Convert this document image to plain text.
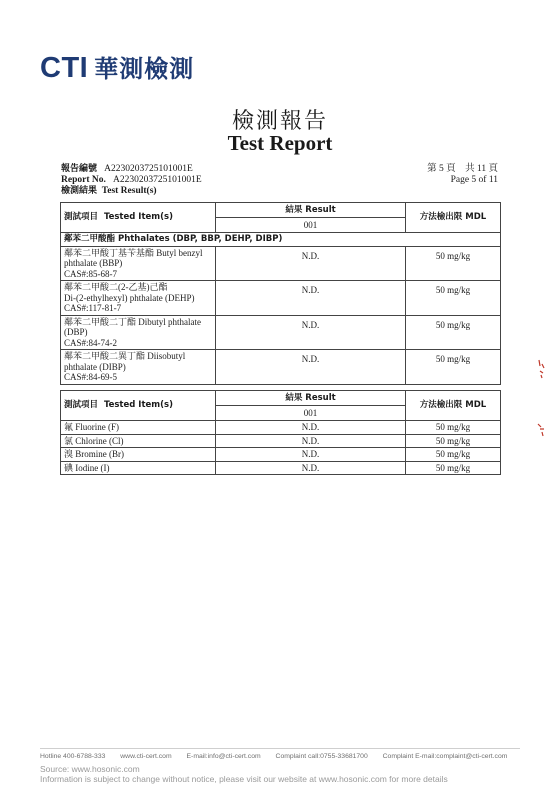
CTI 華測檢測
檢測報告
Test Report
報告編號 A2230203725101001E
Report No. A2230203725101001E
第 5 頁　共 11 頁
Page 5 of 11
檢測結果 Test Result(s)
測試項目 Tested Item(s)	結果 Result	方法檢出限 MDL
	001	
鄰苯二甲酸酯 Phthalates (DBP, BBP, DEHP, DIBP)		

鄰苯二甲酸丁基苄基酯 Butyl benzyl
phthalate (BBP)
CAS#:85-68-7	N.D.	50 mg/kg

鄰苯二甲酸二(2-乙基)己酯
Di-(2-ethylhexyl) phthalate (DEHP)
CAS#:117-81-7	N.D.	50 mg/kg

鄰苯二甲酸二丁酯 Dibutyl phthalate
(DBP)
CAS#:84-74-2	N.D.	50 mg/kg

鄰苯二甲酸二異丁酯 Diisobutyl
phthalate (DIBP)
CAS#:84-69-5	N.D.	50 mg/kg
測試項目 Tested Item(s)	結果 Result	方法檢出限 MDL
	001	
氟 Fluorine (F)	N.D.	50 mg/kg
氯 Chlorine (Cl)	N.D.	50 mg/kg
溴 Bromine (Br)	N.D.	50 mg/kg
碘 Iodine (I)	N.D.	50 mg/kg
Hotline 400-6788-333 www.cti-cert.com E-mail:info@cti-cert.com Complaint call:0755-33681700 Complaint E-mail:complaint@cti-cert.com
Source: www.hosonic.com
Information is subject to change without notice, please visit our website at www.hosonic.com for more details
